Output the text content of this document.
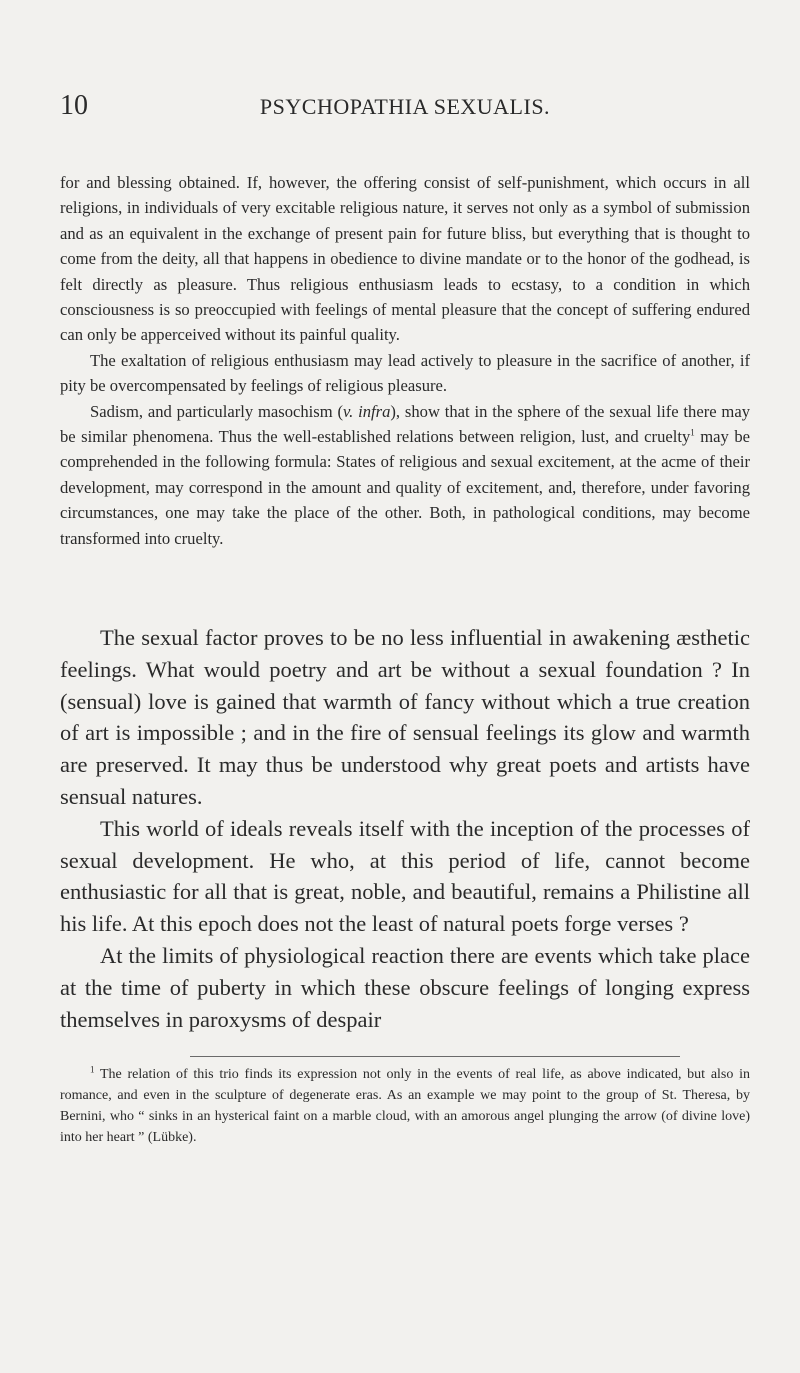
10	PSYCHOPATHIA SEXUALIS.

for and blessing obtained. If, however, the offering consist of self-punishment, which occurs in all religions, in individuals of very excitable religious nature, it serves not only as a symbol of submission and as an equivalent in the exchange of present pain for future bliss, but everything that is thought to come from the deity, all that happens in obedience to divine mandate or to the honor of the godhead, is felt directly as pleasure. Thus religious enthusiasm leads to ecstasy, to a condition in which consciousness is so preoccupied with feelings of mental pleasure that the concept of suffering endured can only be apperceived without its painful quality.

The exaltation of religious enthusiasm may lead actively to pleasure in the sacrifice of another, if pity be overcompensated by feelings of religious pleasure.

Sadism, and particularly masochism (v. infra), show that in the sphere of the sexual life there may be similar phenomena. Thus the well-established relations between religion, lust, and cruelty$^1$ may be comprehended in the following formula: States of religious and sexual excitement, at the acme of their development, may correspond in the amount and quality of excitement, and, therefore, under favoring circumstances, one may take the place of the other. Both, in pathological conditions, may become transformed into cruelty.

The sexual factor proves to be no less influential in awakening æsthetic feelings. What would poetry and art be without a sexual foundation ? In (sensual) love is gained that warmth of fancy without which a true creation of art is impossible ; and in the fire of sensual feelings its glow and warmth are preserved. It may thus be understood why great poets and artists have sensual natures.

This world of ideals reveals itself with the inception of the processes of sexual development. He who, at this period of life, cannot become enthusiastic for all that is great, noble, and beautiful, remains a Philistine all his life. At this epoch does not the least of natural poets forge verses ?

At the limits of physiological reaction there are events which take place at the time of puberty in which these obscure feelings of longing express themselves in paroxysms of despair

$^1$ The relation of this trio finds its expression not only in the events of real life, as above indicated, but also in romance, and even in the sculpture of degenerate eras. As an example we may point to the group of St. Theresa, by Bernini, who “ sinks in an hysterical faint on a marble cloud, with an amorous angel plunging the arrow (of divine love) into her heart ” (Lübke).
